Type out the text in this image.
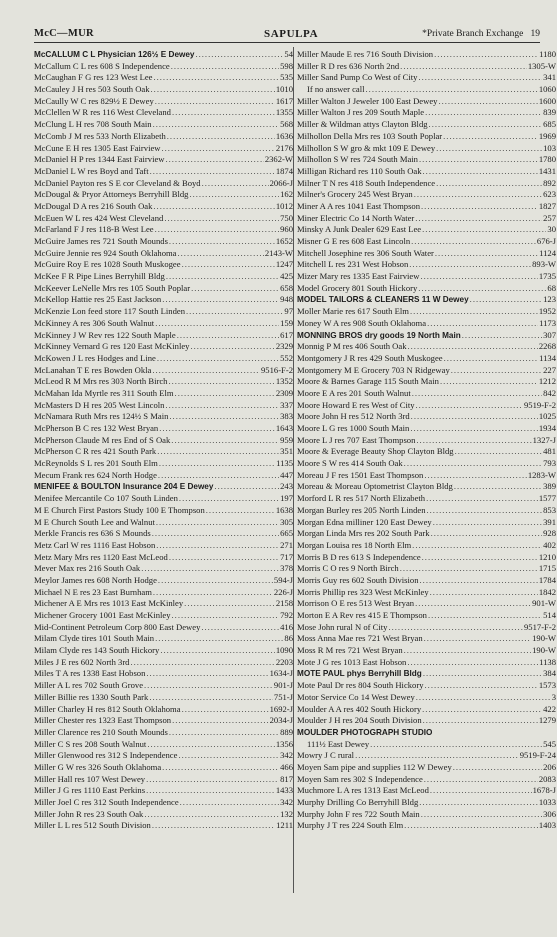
McC—MUR	SAPULPA	*Private Branch Exchange 19
McCALLUM C L Physician 126½ E Dewey .....	54
McCallum C L res 608 S Independence .....	598
McCaughan F G res 123 West Lee .....	535
McCauley J H res 503 South Oak .....	1010
McCaully W C res 829½ E Dewey .....	1617
McClellen W R res 116 West Cleveland .....	1355
McClung L H res 708 South Main .....	568
McComb J M res 533 North Elizabeth .....	1636
McCune E H res 1305 East Fairview .....	2176
McDaniel H P res 1344 East Fairview .....	2362-W
McDaniel L W res Boyd and Taft .....	1874
McDaniel Payton res S E cor Cleveland & Boyd .....	2066-J
McDougal & Pryor Attorneys Berryhill Bldg .....	162
McDougal D A res 216 South Oak .....	1012
McEuen W L res 424 West Cleveland .....	750
McFarland F J res 118-B West Lee .....	960
McGuire James res 721 South Mounds .....	1652
McGuire Jennie res 924 South Oklahoma .....	2143-W
McGuire Roy E res 1028 South Muskogee .....	1247
McKee F R Pipe Lines Berryhill Bldg .....	425
McKeever LeNelle Mrs res 105 South Poplar .....	658
McKellop Hattie res 25 East Jackson .....	948
McKenzie Lon feed store 117 South Linden .....	97
McKinney A res 306 South Walnut .....	159
McKinney J W Rev res 122 South Maple .....	617
McKinney Vernard G res 120 East McKinley .....	2329
McKowen J L res Hodges and Line .....	552
McLanahan T E res Bowden Okla .....	9516-F-2
McLeod R M Mrs res 303 North Birch .....	1352
McMahan Ida Myrtle res 311 South Elm .....	2309
McMasters D H res 205 West Lincoln .....	337
McNamara Ruth Mrs res 124½ S Main .....	383
McPherson B C res 132 West Bryan .....	1643
McPherson Claude M res End of S Oak .....	959
McPherson C R res 421 South Park .....	351
McReynolds S L res 201 South Elm .....	1135
Mecum Frank res 624 North Hodge .....	447
MENIFEE & BOULTON Insurance 204 E Dewey .....	243
Menifee Mercantile Co 107 South Linden .....	197
M E Church First Pastors Study 100 E Thompson .....	1638
M E Church South Lee and Walnut .....	305
Merkle Francis res 636 S Mounds .....	665
Metz Carl W res 1116 East Hobson .....	271
Metz Mary Mrs res 1120 East McLeod .....	717
Mever Max res 216 South Oak .....	378
Meylor James res 608 North Hodge .....	594-J
Michael N E res 23 East Burnham .....	226-J
Michener A E Mrs res 1013 East McKinley .....	2158
Michener Grocery 1001 East McKinley .....	792
Mid-Continent Petroleum Corp 800 East Dewey .....	416
Milam Clyde tires 101 South Main .....	86
Milam Clyde res 143 South Hickory .....	1090
Miles J E res 602 North 3rd .....	2203
Miles T A res 1338 East Hobson .....	1634-J
Miller A L res 702 South Grove .....	901-J
Miller Billie res 1330 South Park .....	751-J
Miller Charley H res 812 South Oklahoma .....	1692-J
Miller Chester res 1323 East Thompson .....	2034-J
Miller Clarence res 210 South Mounds .....	889
Miller C S res 208 South Walnut .....	1356
Miller Glenwood res 312 S Independence .....	342
Miller G W res 326 South Oklahoma .....	466
Miller Hall res 107 West Dewey .....	817
Miller J G res 1110 East Perkins .....	1433
Miller Joel C res 312 South Independence .....	342
Miller John R res 23 South Oak .....	132
Miller L L res 512 South Division .....	1211
Miller Maude E res 716 South Division .....	1180
Miller R D res 636 North 2nd .....	1305-W
Miller Sand Pump Co West of City .....	341
If no answer call .....	1060
Miller Walton J Jeweler 100 East Dewey .....	1600
Miller Walton J res 209 South Maple .....	839
Miller & Wildman attys Clayton Bldg .....	685
Milhollon Della Mrs res 103 South Poplar .....	1969
Milhollon S W gro & mkt 109 E Dewey .....	103
Milhollon S W res 724 South Main .....	1780
Milligan Richard res 110 South Oak .....	1431
Milner T N res 418 South Independence .....	892
Milner's Grocery 245 West Bryan .....	623
Miner A A res 1041 East Thompson .....	1827
Miner Electric Co 14 North Water .....	257
Minsky A Junk Dealer 629 East Lee .....	30
Misner G E res 608 East Lincoln .....	676-J
Mitchell Josephine res 306 South Water .....	1124
Mitchell L res 231 West Hobson .....	893-W
Mizer Mary res 1335 East Fairview .....	1735
Model Grocery 801 South Hickory .....	68
MODEL TAILORS & CLEANERS 11 W Dewey .....	123
Moller Marie res 617 South Elm .....	1952
Money W A res 908 South Oklahoma .....	1173
MONNING BROS dry goods 19 North Main .....	307
Monnig P M res 406 South Oak .....	2268
Montgomery J R res 429 South Muskogee .....	1134
Montgomery M E Grocery 703 N Ridgeway .....	227
Moore & Barnes Garage 115 South Main .....	1212
Moore E A res 201 South Walnut .....	842
Moore Howard E res West of City .....	9519-F-2
Moore John H res 512 North 3rd .....	1025
Moore L G res 1000 South Main .....	1934
Moore L J res 707 East Thompson .....	1327-J
Moore & Everage Beauty Shop Clayton Bldg .....	481
Moore S W res 414 South Oak .....	793
Moreau J F res 1501 East Thompson .....	1283-W
Moreau & Moreau Optometrist Clayton Bldg .....	389
Morford L R res 517 North Elizabeth .....	1577
Morgan Burley res 205 North Linden .....	853
Morgan Edna milliner 120 East Dewey .....	391
Morgan Linda Mrs res 202 South Park .....	928
Morgan Louisa res 18 North Elm .....	402
Morris B D res 613 S Independence .....	1210
Morris C O res 9 North Birch .....	1715
Morris Guy res 602 South Division .....	1784
Morris Phillip res 323 West McKinley .....	1842
Morrison O E res 513 West Bryan .....	901-W
Morton E A Rev res 415 E Thompson .....	514
Mose John rural N of City .....	9517-F-2
Moss Anna Mae res 721 West Bryan .....	190-W
Moss R M res 721 West Bryan .....	190-W
Mote J G res 1013 East Hobson .....	1138
MOTE PAUL phys Berryhill Bldg .....	384
Mote Paul Dr res 804 South Hickory .....	1573
Motor Service Co 14 West Dewey .....	3
Moulder A A res 402 South Hickory .....	422
Moulder J H res 204 South Division .....	1279
MOULDER PHOTOGRAPH STUDIO
111½ East Dewey .....	545
Mowry J C rural .....	9519-F-24
Moyen Sam pipe and supplies 112 W Dewey .....	206
Moyen Sam res 302 S Independence .....	2083
Muchmore L A res 1313 East McLeod .....	1678-J
Murphy Drilling Co Berryhill Bldg .....	1033
Murphy John F res 722 South Main .....	306
Murphy J T res 224 South Elm .....	1403
